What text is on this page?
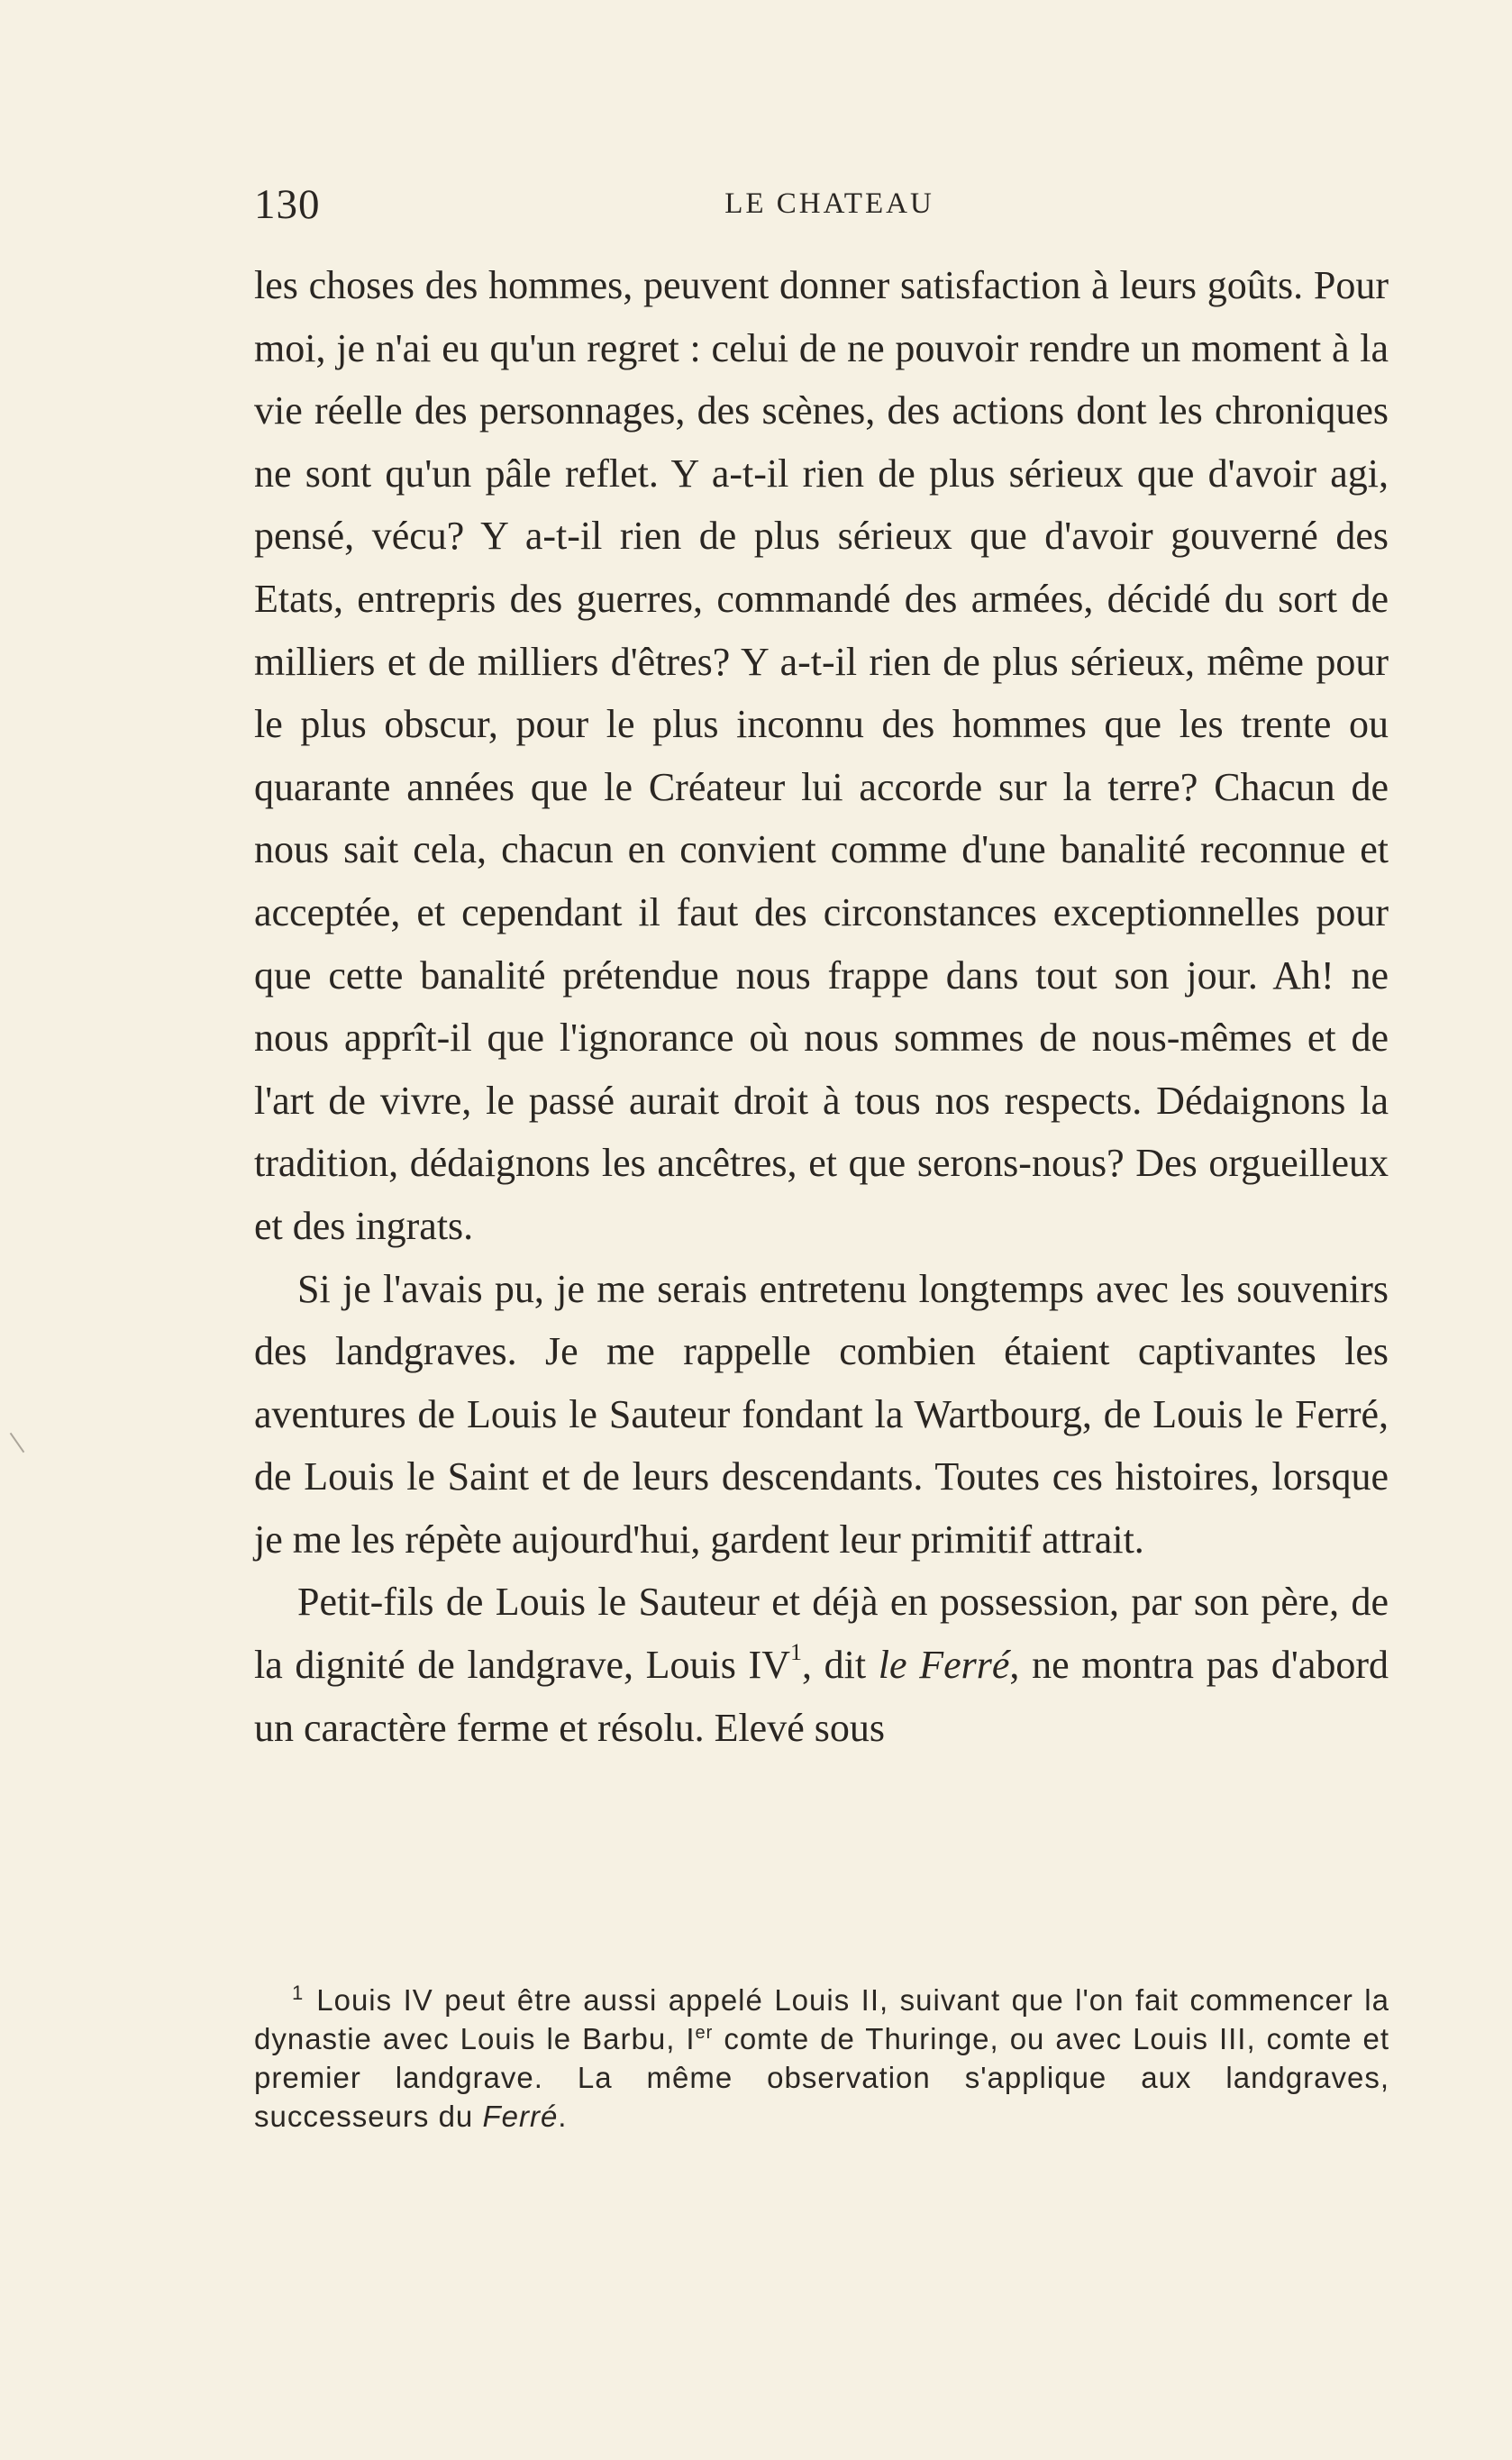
130	LE CHATEAU

les choses des hommes, peuvent donner satisfaction à leurs goûts. Pour moi, je n'ai eu qu'un regret : celui de ne pouvoir rendre un moment à la vie réelle des personnages, des scènes, des actions dont les chroniques ne sont qu'un pâle reflet. Y a-t-il rien de plus sérieux que d'avoir agi, pensé, vécu? Y a-t-il rien de plus sérieux que d'avoir gouverné des Etats, entrepris des guerres, commandé des armées, décidé du sort de milliers et de milliers d'êtres? Y a-t-il rien de plus sérieux, même pour le plus obscur, pour le plus inconnu des hommes que les trente ou quarante années que le Créateur lui accorde sur la terre? Chacun de nous sait cela, chacun en convient comme d'une banalité reconnue et acceptée, et cependant il faut des circonstances exceptionnelles pour que cette banalité prétendue nous frappe dans tout son jour. Ah! ne nous apprît-il que l'ignorance où nous sommes de nous-mêmes et de l'art de vivre, le passé aurait droit à tous nos respects. Dédaignons la tradition, dédaignons les ancêtres, et que serons-nous? Des orgueilleux et des ingrats.

Si je l'avais pu, je me serais entretenu longtemps avec les souvenirs des landgraves. Je me rappelle combien étaient captivantes les aventures de Louis le Sauteur fondant la Wartbourg, de Louis le Ferré, de Louis le Saint et de leurs descendants. Toutes ces histoires, lorsque je me les répète aujourd'hui, gardent leur primitif attrait.

Petit-fils de Louis le Sauteur et déjà en possession, par son père, de la dignité de landgrave, Louis IV$^1$, dit le Ferré, ne montra pas d'abord un caractère ferme et résolu. Elevé sous

$^1$ Louis IV peut être aussi appelé Louis II, suivant que l'on fait commencer la dynastie avec Louis le Barbu, Ier comte de Thuringe, ou avec Louis III, comte et premier landgrave. La même observation s'applique aux landgraves, successeurs du Ferré.
